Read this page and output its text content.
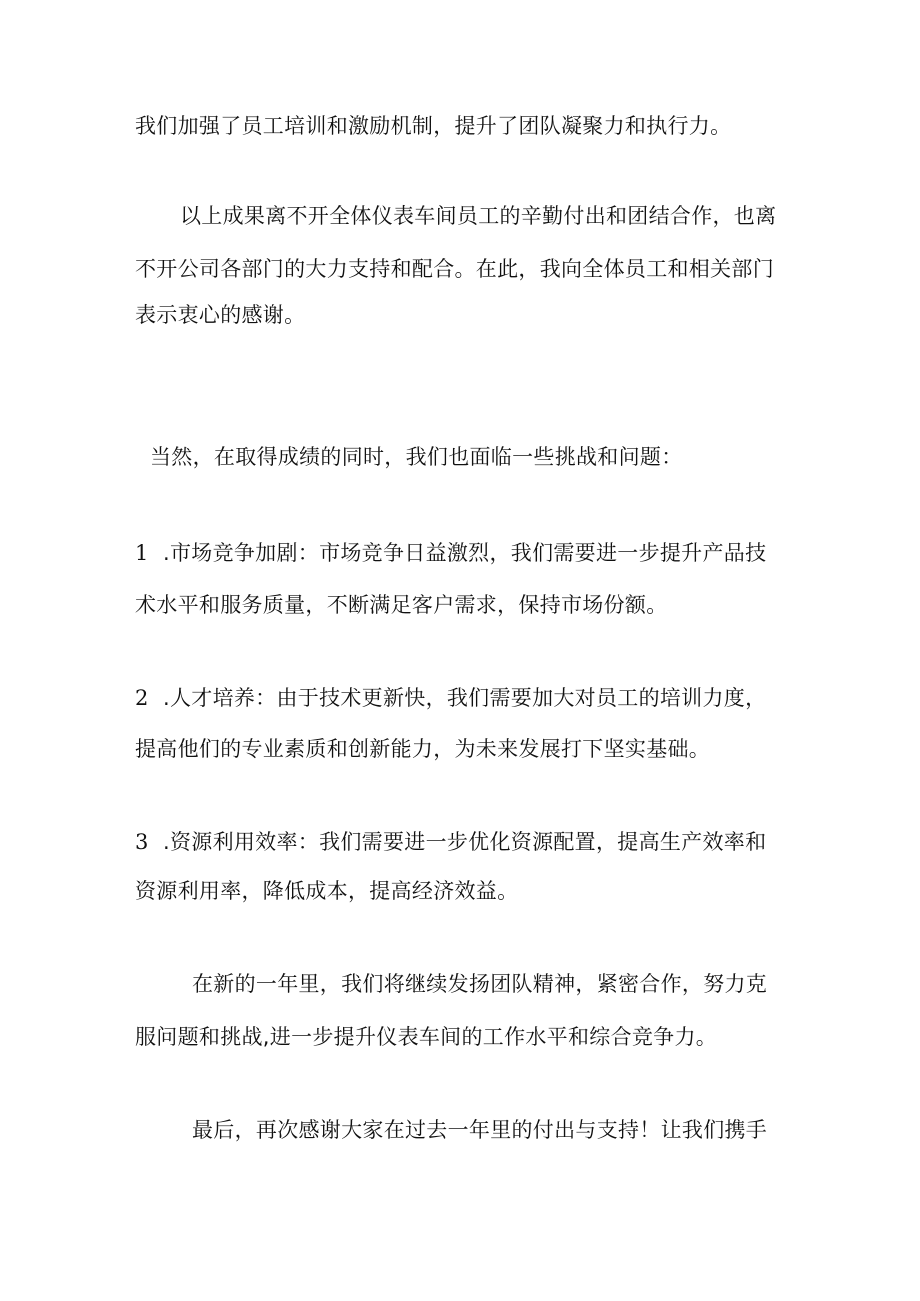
我们加强了员工培训和激励机制，提升了团队凝聚力和执行力。

以上成果离不开全体仪表车间员工的辛勤付出和团结合作，也离

不开公司各部门的大力支持和配合。在此，我向全体员工和相关部门

表示衷心的感谢。

当然，在取得成绩的同时，我们也面临一些挑战和问题：

1 .市场竞争加剧：市场竞争日益激烈，我们需要进一步提升产品技

术水平和服务质量，不断满足客户需求，保持市场份额。

2 .人才培养：由于技术更新快，我们需要加大对员工的培训力度，

提高他们的专业素质和创新能力，为未来发展打下坚实基础。

3 .资源利用效率：我们需要进一步优化资源配置，提高生产效率和

资源利用率，降低成本，提高经济效益。

在新的一年里，我们将继续发扬团队精神，紧密合作，努力克

服问题和挑战,进一步提升仪表车间的工作水平和综合竞争力。

最后，再次感谢大家在过去一年里的付出与支持！让我们携手
